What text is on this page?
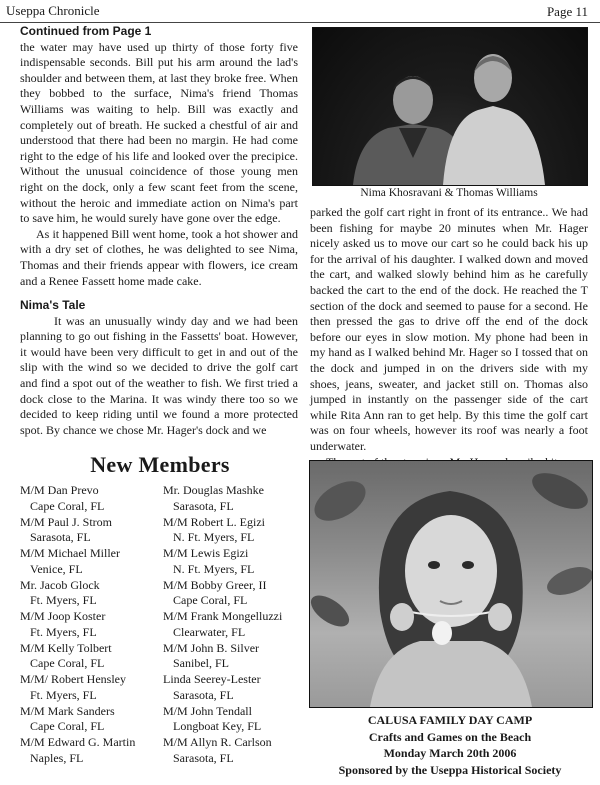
Useppa Chronicle	Page 11

Continued from Page 1

the water may have used up thirty of those forty five indispensable seconds. Bill put his arm around the lad's shoulder and between them, at last they broke free. When they bobbed to the surface, Nima's friend Thomas Williams was waiting to help. Bill was exactly and completely out of breath. He sucked a chestful of air and understood that there had been no margin. He had come right to the edge of his life and looked over the precipice. Without the unusual coincidence of those young men right on the dock, only a few scant feet from the scene, without the heroic and immediate action on Nima's part to save him, he would surely have gone over the edge.

As it happened Bill went home, took a hot shower and with a dry set of clothes, he was delighted to see Nima, Thomas and their friends appear with flowers, ice cream and a Renee Fassett home made cake.

Nima's Tale

It was an unusually windy day and we had been planning to go out fishing in the Fassetts' boat. However, it would have been very difficult to get in and out of the slip with the wind so we decided to drive the golf cart and find a spot out of the weather to fish. We first tried a dock close to the Marina. It was windy there too so we decided to keep riding until we found a more protected spot. By chance we chose Mr. Hager's dock and we

Nima Khosravani & Thomas Williams

parked the golf cart right in front of its entrance.. We had been fishing for maybe 20 minutes when Mr. Hager nicely asked us to move our cart so he could back his up for the arrival of his daughter. I walked down and moved the cart, and walked slowly behind him as he carefully backed the cart to the end of the dock. He reached the T section of the dock and seemed to pause for a second. He then pressed the gas to drive off the end of the dock before our eyes in slow motion. My phone had been in my hand as I walked behind Mr. Hager so I tossed that on the dock and jumped in on the drivers side with my shoes, jeans, sweater, and jacket still on. Thomas also jumped in instantly on the passenger side of the cart while Rita Ann ran to get help. By this time the golf cart was on four wheels, however its roof was nearly a foot underwater.

New Members
M/M Dan Prevo
Cape Coral, FL
M/M Paul J. Strom
Sarasota, FL
M/M Michael Miller
Venice, FL
Mr. Jacob Glock
Ft. Myers, FL
M/M Joop Koster
Ft. Myers, FL
M/M Kelly Tolbert
Cape Coral, FL
M/M/ Robert Hensley
Ft. Myers, FL
M/M Mark Sanders
Cape Coral, FL
M/M Edward G. Martin
Naples, FL
Mr. Douglas Mashke
Sarasota, FL
M/M Robert L. Egizi
N. Ft. Myers, FL
M/M Lewis Egizi
N. Ft. Myers, FL
M/M Bobby Greer, II
Cape Coral, FL
M/M Frank Mongelluzzi
Clearwater, FL
M/M John B. Silver
Sanibel, FL
Linda Seerey-Lester
Sarasota, FL
M/M John Tendall
Longboat Key, FL
M/M Allyn R. Carlson
Sarasota, FL
CALUSA FAMILY DAY CAMP
Crafts and Games on the Beach
Monday March 20th 2006
Sponsored by the Useppa Historical Society
